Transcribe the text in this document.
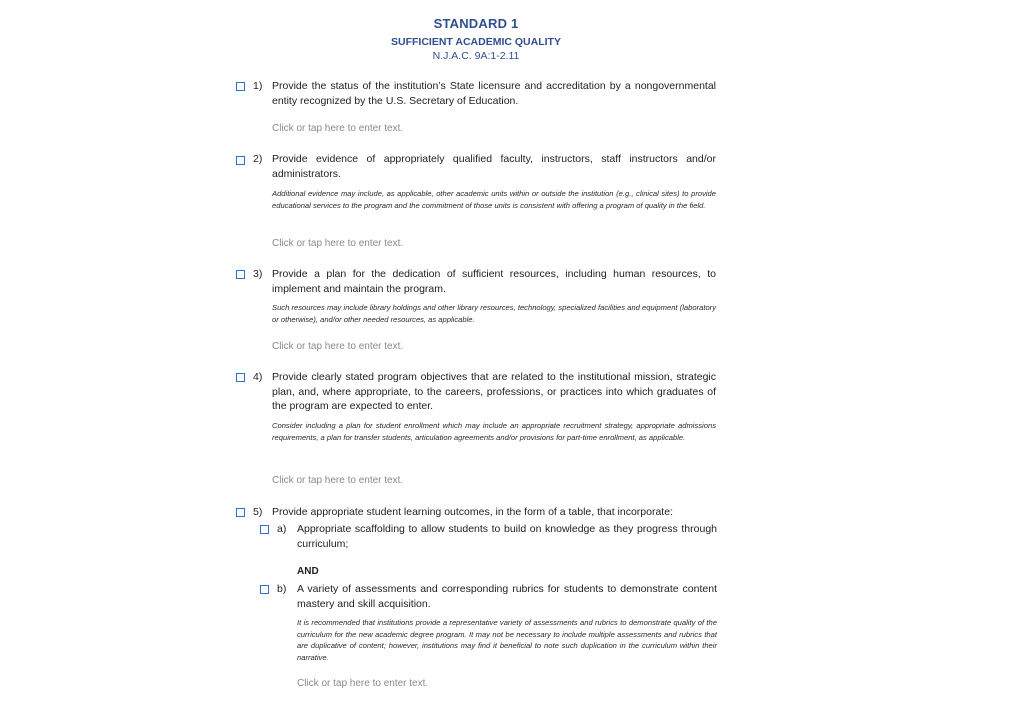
STANDARD 1
SUFFICIENT ACADEMIC QUALITY
N.J.A.C. 9A:1-2.11
1) Provide the status of the institution’s State licensure and accreditation by a nongovernmental entity recognized by the U.S. Secretary of Education.
Click or tap here to enter text.
2) Provide evidence of appropriately qualified faculty, instructors, staff instructors and/or administrators.
Additional evidence may include, as applicable, other academic units within or outside the institution (e.g., clinical sites) to provide educational services to the program and the commitment of those units is consistent with offering a program of quality in the field.
Click or tap here to enter text.
3) Provide a plan for the dedication of sufficient resources, including human resources, to implement and maintain the program.
Such resources may include library holdings and other library resources, technology, specialized facilities and equipment (laboratory or otherwise), and/or other needed resources, as applicable.
Click or tap here to enter text.
4) Provide clearly stated program objectives that are related to the institutional mission, strategic plan, and, where appropriate, to the careers, professions, or practices into which graduates of the program are expected to enter.
Consider including a plan for student enrollment which may include an appropriate recruitment strategy, appropriate admissions requirements, a plan for transfer students, articulation agreements and/or provisions for part-time enrollment, as applicable.
Click or tap here to enter text.
5) Provide appropriate student learning outcomes, in the form of a table, that incorporate:
a) Appropriate scaffolding to allow students to build on knowledge as they progress through curriculum;
AND
b) A variety of assessments and corresponding rubrics for students to demonstrate content mastery and skill acquisition.
It is recommended that institutions provide a representative variety of assessments and rubrics to demonstrate quality of the curriculum for the new academic degree program. It may not be necessary to include multiple assessments and rubrics that are duplicative of content; however, institutions may find it beneficial to note such duplication in the curriculum within their narrative.
Click or tap here to enter text.
